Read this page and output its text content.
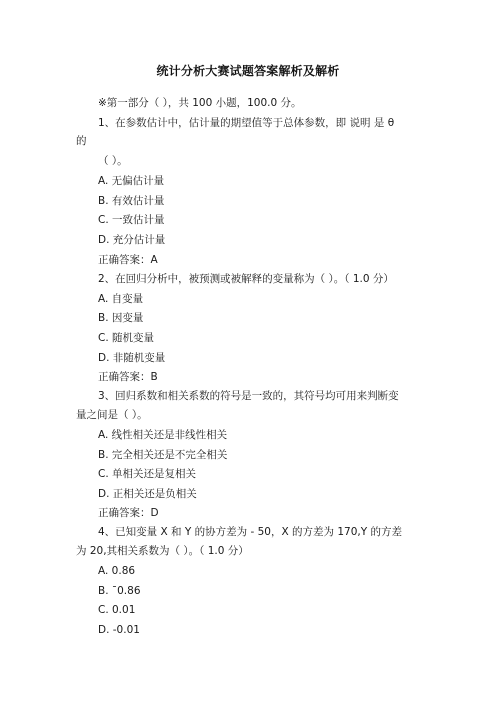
统计分析大赛试题答案解析及解析
※第一部分（ ），共 100 小题，100.0 分。
1、在参数估计中，估计量的期望值等于总体参数，即 说明 是 θ
的
（ ）。
A. 无偏估计量
B. 有效估计量
C. 一致估计量
D. 充分估计量
正确答案：A
2、在回归分析中，被预测或被解释的变量称为（ ）。（ 1.0 分）
A. 自变量
B. 因变量
C. 随机变量
D. 非随机变量
正确答案：B
3、回归系数和相关系数的符号是一致的，其符号均可用来判断变
量之间是（ ）。
A. 线性相关还是非线性相关
B. 完全相关还是不完全相关
C. 单相关还是复相关
D. 正相关还是负相关
正确答案：D
4、已知变量 X 和 Y 的协方差为 - 50，X 的方差为 170,Y 的方差
为 20,其相关系数为（ ）。（ 1.0 分）
A. 0.86
B. ¯0.86
C. 0.01
D. -0.01
